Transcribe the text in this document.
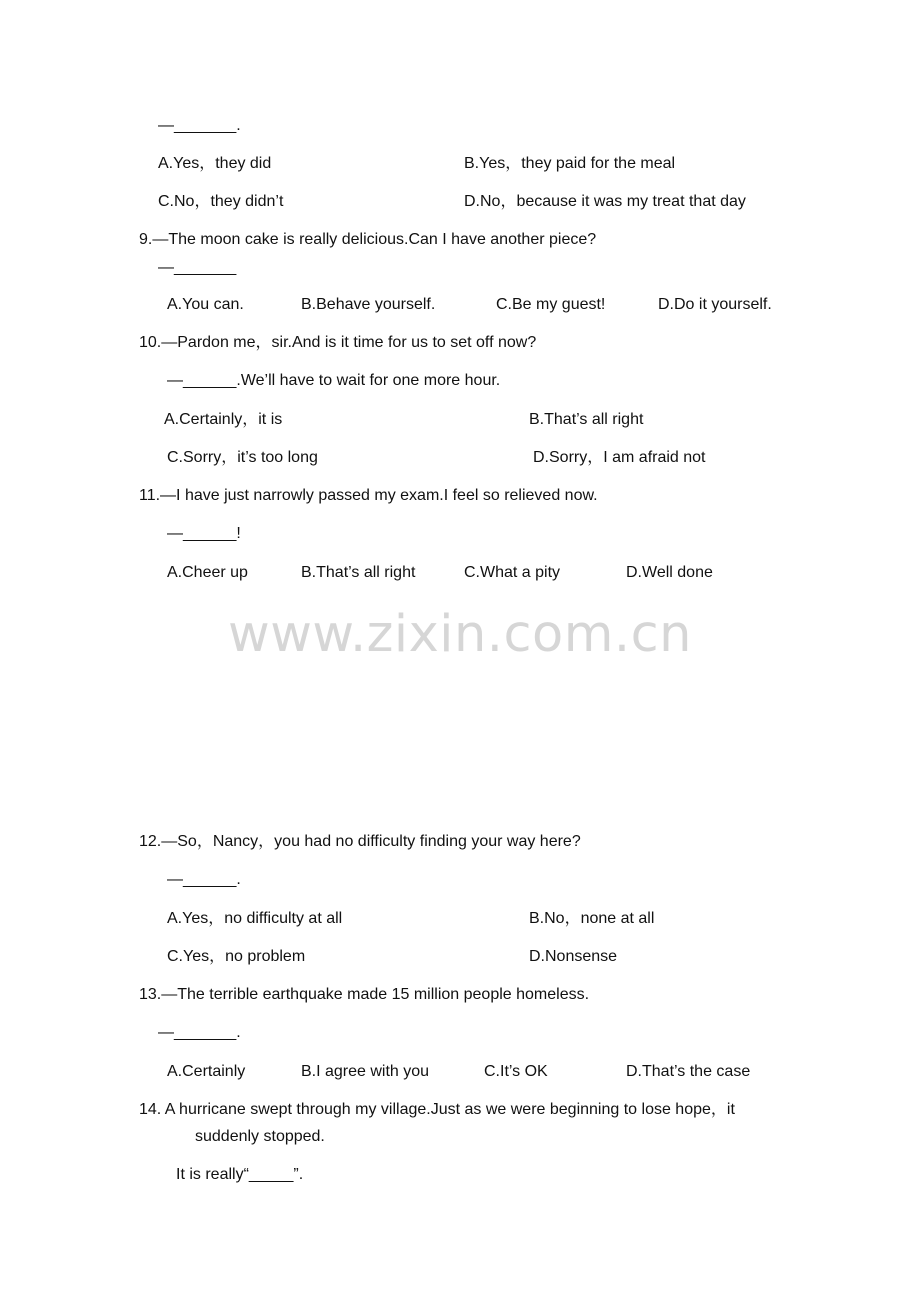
—_______.
A.Yes，they did	B.Yes，they paid for the meal
C.No，they didn’t	D.No，because it was my treat that day
9.—The moon cake is really delicious.Can I have another piece?
—_______
A.You can.	B.Behave yourself.	C.Be my guest!	D.Do it yourself.
10.—Pardon me，sir.And is it time for us to set off now?
—______.We’ll have to wait for one more hour.
A.Certainly，it is	B.That’s all right
C.Sorry，it’s too long	D.Sorry，I am afraid not
11.—I have just narrowly passed my exam.I feel so relieved now.
—______!
A.Cheer up	B.That’s all right	C.What a pity	D.Well done
www.zixin.com.cn
12.—So，Nancy，you had no difficulty finding your way here?
—______.
A.Yes，no difficulty at all	B.No，none at all
C.Yes，no problem	D.Nonsense
13.—The terrible earthquake made 15 million people homeless.
—_______.
A.Certainly	B.I agree with you	C.It’s OK	D.That’s the case
14. A hurricane swept through my village.Just as we were beginning to lose hope，it
suddenly stopped.
It is really“_____”.
